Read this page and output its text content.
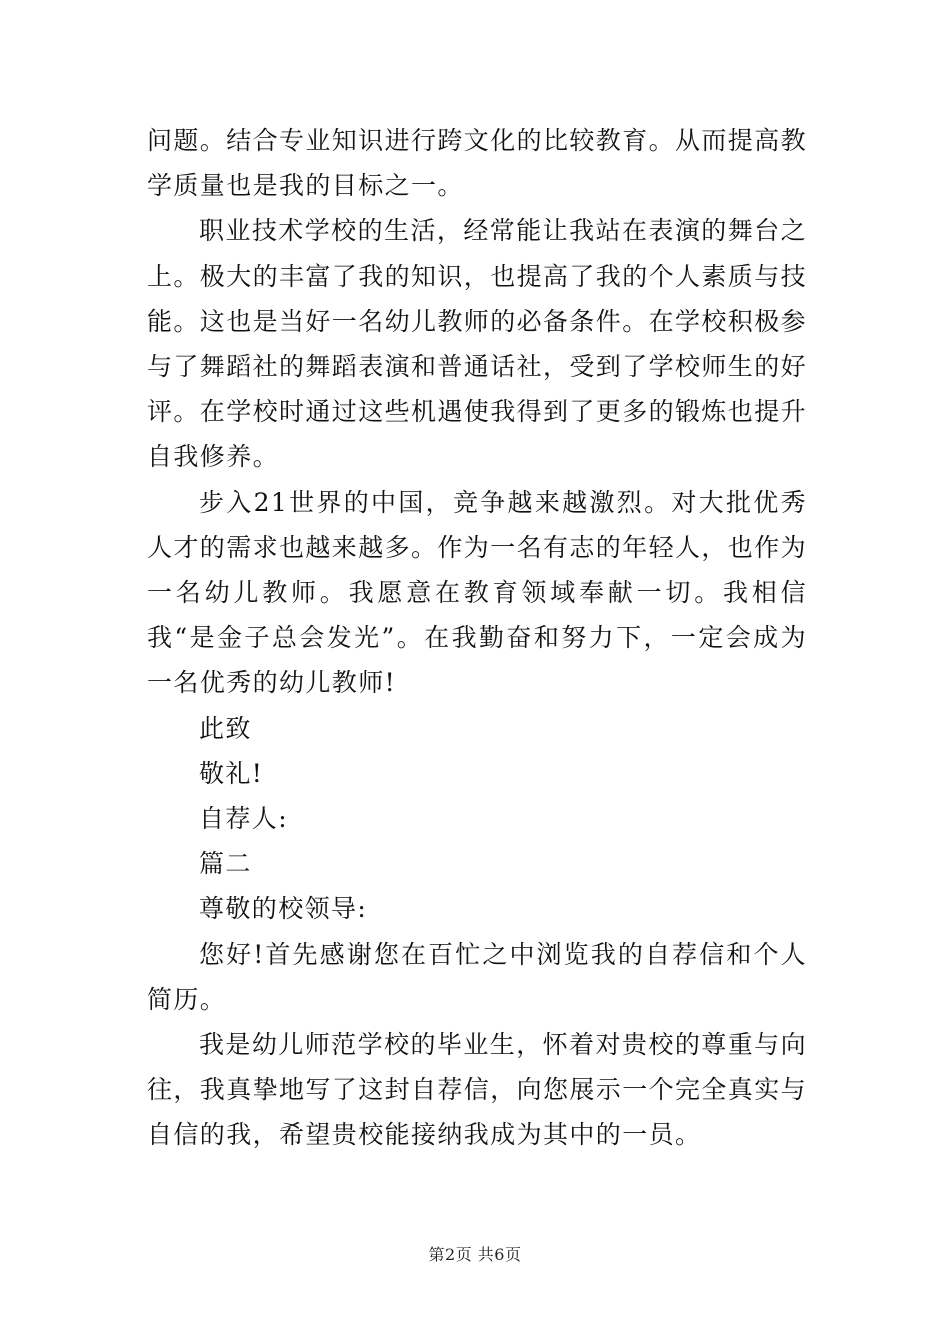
问题。结合专业知识进行跨文化的比较教育。从而提高教学质量也是我的目标之一。

职业技术学校的生活，经常能让我站在表演的舞台之上。极大的丰富了我的知识，也提高了我的个人素质与技能。这也是当好一名幼儿教师的必备条件。在学校积极参与了舞蹈社的舞蹈表演和普通话社，受到了学校师生的好评。在学校时通过这些机遇使我得到了更多的锻炼也提升自我修养。

步入21世界的中国，竞争越来越激烈。对大批优秀人才的需求也越来越多。作为一名有志的年轻人，也作为一名幼儿教师。我愿意在教育领域奉献一切。我相信我“是金子总会发光”。在我勤奋和努力下，一定会成为一名优秀的幼儿教师!

此致

敬礼!

自荐人:

篇二

尊敬的校领导:

您好!首先感谢您在百忙之中浏览我的自荐信和个人简历。

我是幼儿师范学校的毕业生，怀着对贵校的尊重与向往，我真挚地写了这封自荐信，向您展示一个完全真实与自信的我，希望贵校能接纳我成为其中的一员。

第2页 共6页
